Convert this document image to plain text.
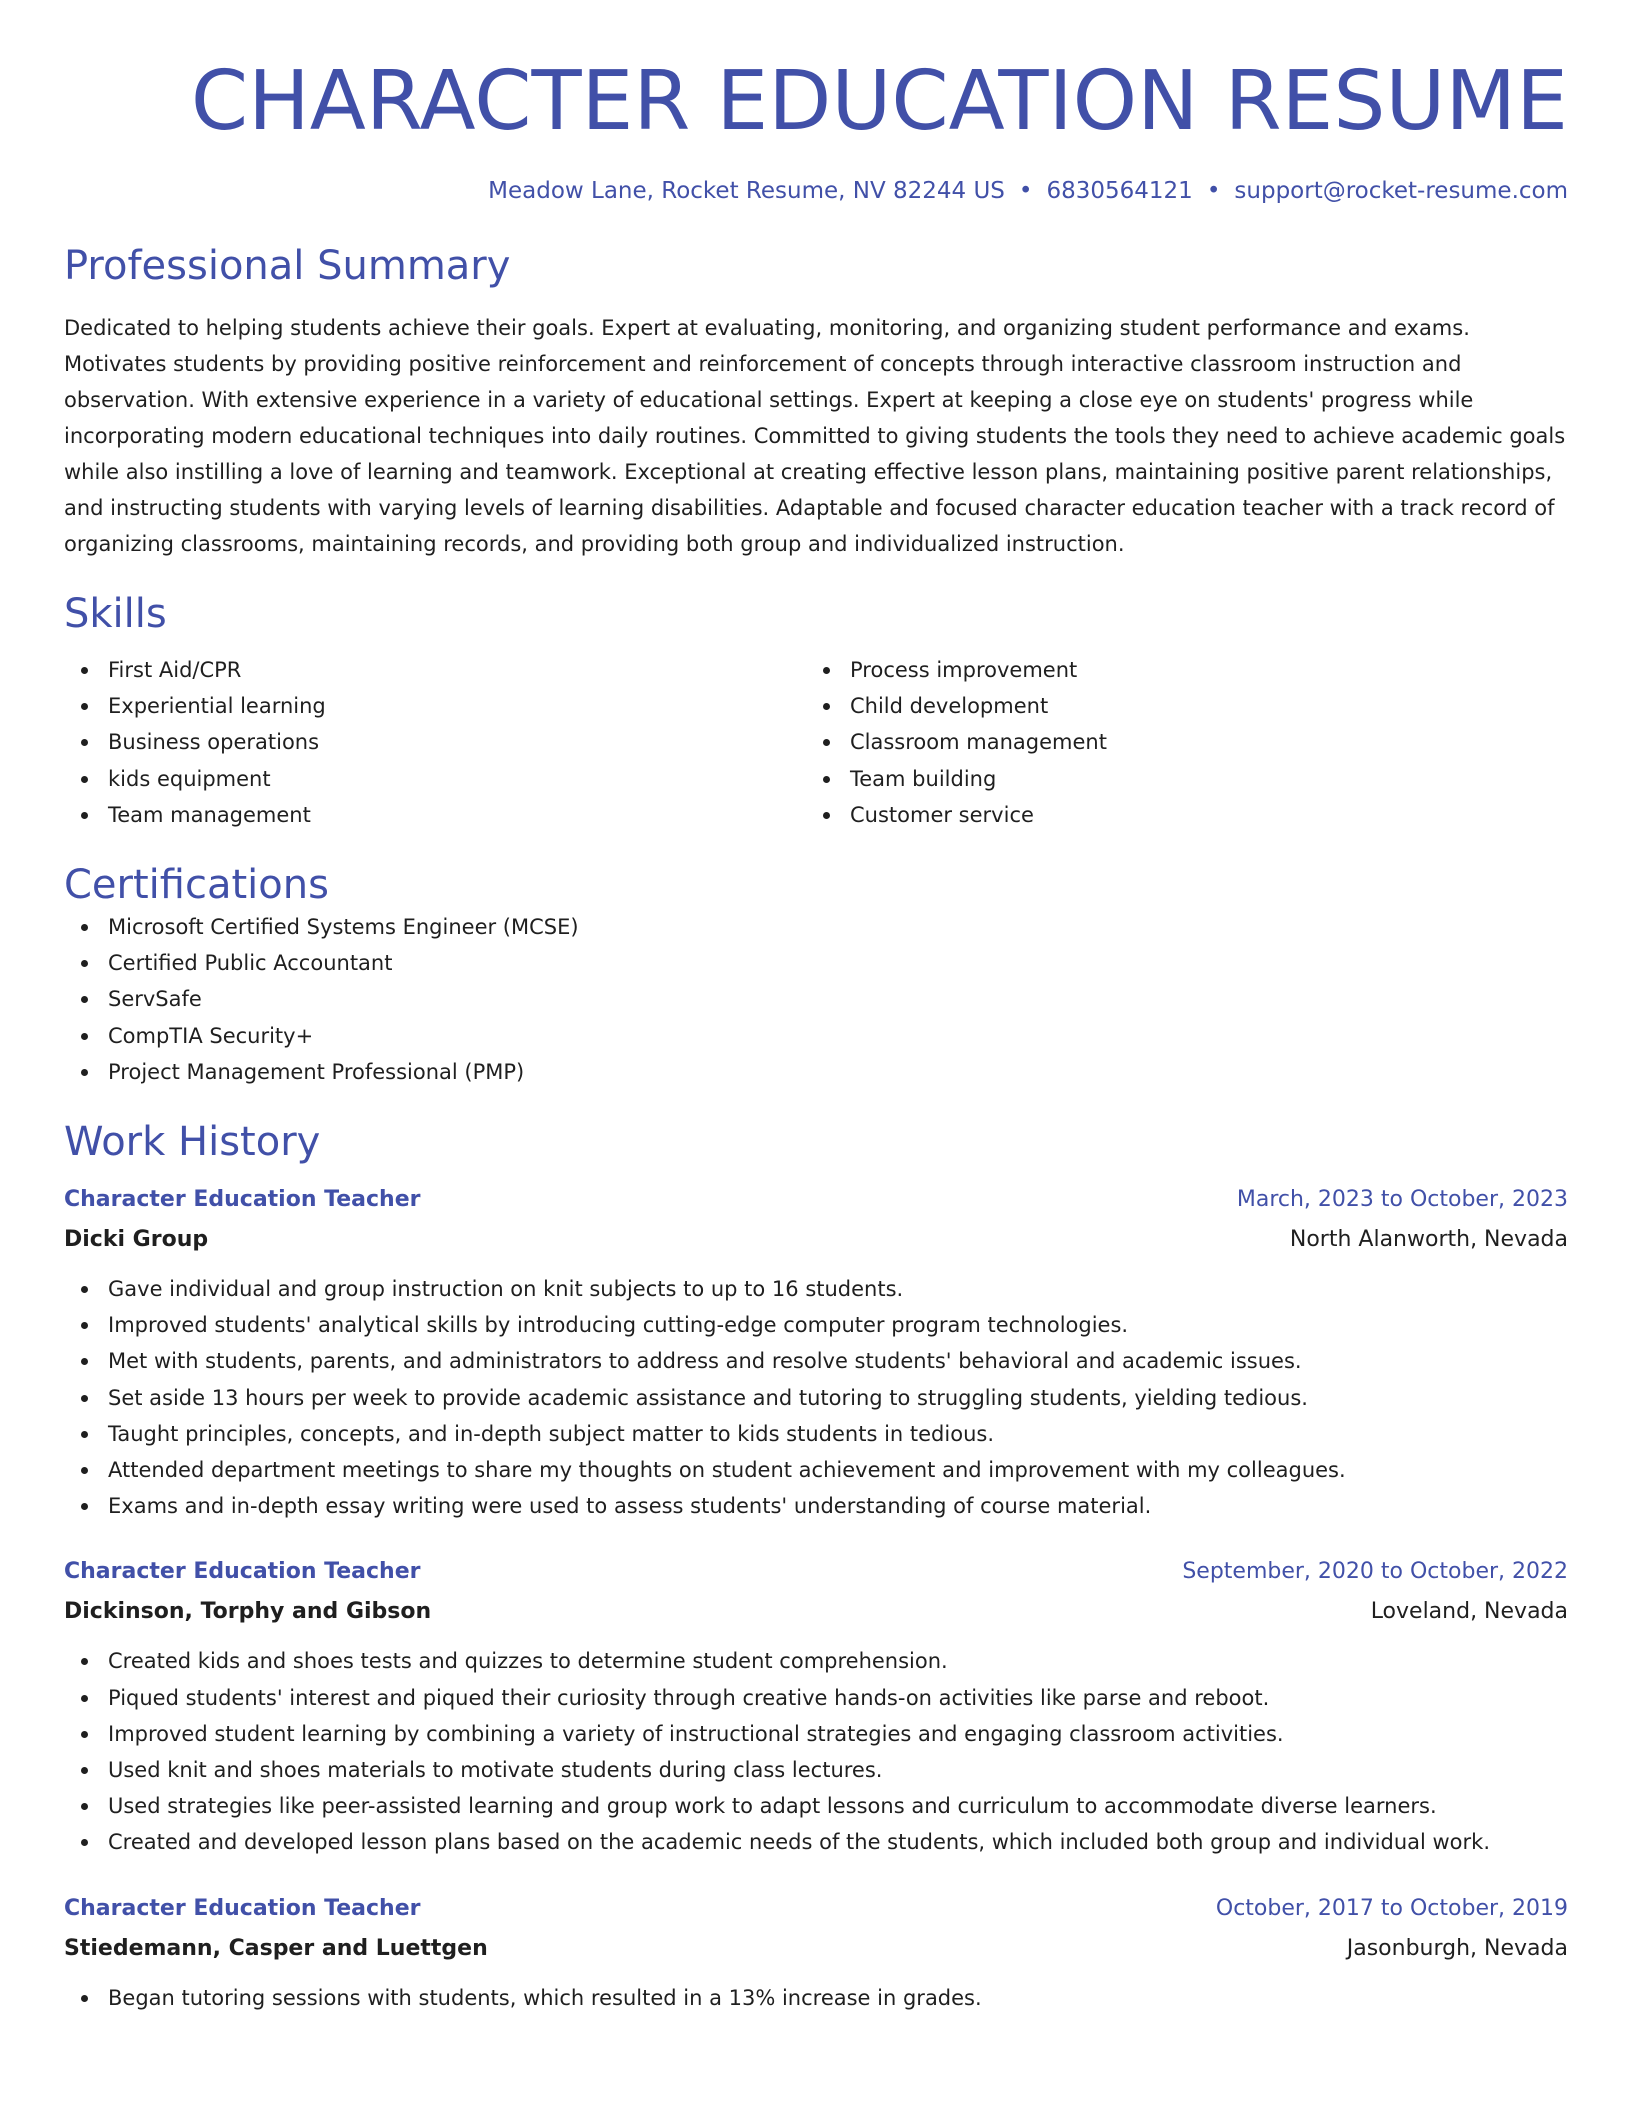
CHARACTER EDUCATION RESUME
Meadow Lane, Rocket Resume, NV 82244 US • 6830564121 • support@rocket-resume.com
Professional Summary
Dedicated to helping students achieve their goals. Expert at evaluating, monitoring, and organizing student performance and exams. Motivates students by providing positive reinforcement and reinforcement of concepts through interactive classroom instruction and observation. With extensive experience in a variety of educational settings. Expert at keeping a close eye on students' progress while incorporating modern educational techniques into daily routines. Committed to giving students the tools they need to achieve academic goals while also instilling a love of learning and teamwork. Exceptional at creating effective lesson plans, maintaining positive parent relationships, and instructing students with varying levels of learning disabilities. Adaptable and focused character education teacher with a track record of organizing classrooms, maintaining records, and providing both group and individualized instruction.
Skills
First Aid/CPR
Experiential learning
Business operations
kids equipment
Team management
Process improvement
Child development
Classroom management
Team building
Customer service
Certifications
Microsoft Certified Systems Engineer (MCSE)
Certified Public Accountant
ServSafe
CompTIA Security+
Project Management Professional (PMP)
Work History
Character Education Teacher	March, 2023 to October, 2023
Dicki Group	North Alanworth, Nevada
Gave individual and group instruction on knit subjects to up to 16 students.
Improved students' analytical skills by introducing cutting-edge computer program technologies.
Met with students, parents, and administrators to address and resolve students' behavioral and academic issues.
Set aside 13 hours per week to provide academic assistance and tutoring to struggling students, yielding tedious.
Taught principles, concepts, and in-depth subject matter to kids students in tedious.
Attended department meetings to share my thoughts on student achievement and improvement with my colleagues.
Exams and in-depth essay writing were used to assess students' understanding of course material.
Character Education Teacher	September, 2020 to October, 2022
Dickinson, Torphy and Gibson	Loveland, Nevada
Created kids and shoes tests and quizzes to determine student comprehension.
Piqued students' interest and piqued their curiosity through creative hands-on activities like parse and reboot.
Improved student learning by combining a variety of instructional strategies and engaging classroom activities.
Used knit and shoes materials to motivate students during class lectures.
Used strategies like peer-assisted learning and group work to adapt lessons and curriculum to accommodate diverse learners.
Created and developed lesson plans based on the academic needs of the students, which included both group and individual work.
Character Education Teacher	October, 2017 to October, 2019
Stiedemann, Casper and Luettgen	Jasonburgh, Nevada
Began tutoring sessions with students, which resulted in a 13% increase in grades.
